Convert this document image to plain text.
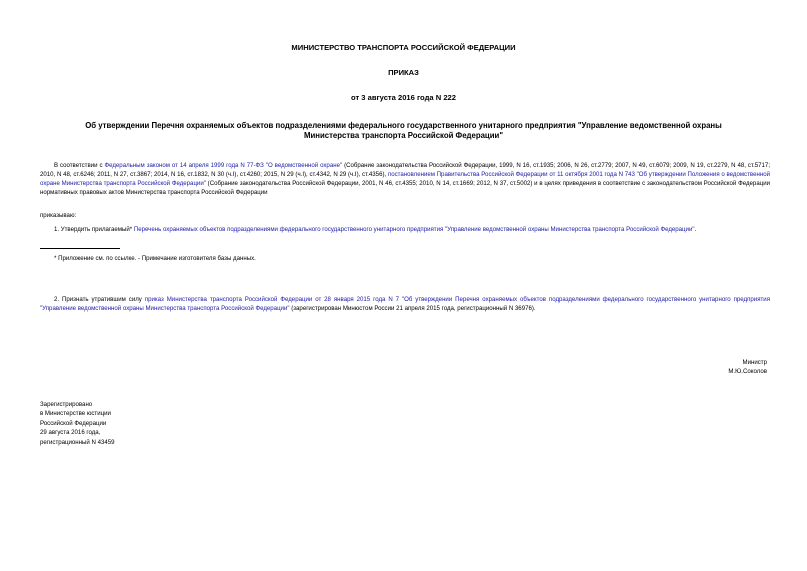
МИНИСТЕРСТВО ТРАНСПОРТА РОССИЙСКОЙ ФЕДЕРАЦИИ
ПРИКАЗ
от 3 августа 2016 года N 222
Об утверждении Перечня охраняемых объектов подразделениями федерального государственного унитарного предприятия "Управление ведомственной охраны
Министерства транспорта Российской Федерации"
В соответствии с Федеральным законом от 14 апреля 1999 года N 77-ФЗ "О ведомственной охране" (Собрание законодательства Российской Федерации, 1999, N 16, ст.1935; 2006, N 26, ст.2779; 2007, N 49, ст.6079; 2009, N 19, ст.2279, N 48, ст.5717; 2010, N 48, ст.6246; 2011, N 27, ст.3867; 2014, N 16, ст.1832, N 30 (ч.I), ст.4260; 2015, N 29 (ч.I), ст.4342, N 29 (ч.I), ст.4356), постановлением Правительства Российской Федерации от 11 октября 2001 года N 743 "Об утверждении Положения о ведомственной охране Министерства транспорта Российской Федерации" (Собрание законодательства Российской Федерации, 2001, N 46, ст.4355; 2010, N 14, ст.1669; 2012, N 37, ст.5002) и в целях приведения в соответствие с законодательством Российской Федерации нормативных правовых актов Министерства транспорта Российской Федерации
приказываю:
1. Утвердить прилагаемый* Перечень охраняемых объектов подразделениями федерального государственного унитарного предприятия "Управление ведомственной охраны Министерства транспорта Российской Федерации".
* Приложение см. по ссылке. - Примечание изготовителя базы данных.
2. Признать утратившим силу приказ Министерства транспорта Российской Федерации от 28 января 2015 года N 7 "Об утверждении Перечня охраняемых объектов подразделениями федерального государственного унитарного предприятия "Управление ведомственной охраны Министерства транспорта Российской Федерации" (зарегистрирован Минюстом России 21 апреля 2015 года, регистрационный N 36976).
Министр
М.Ю.Соколов
Зарегистрировано
в Министерстве юстиции
Российской Федерации
29 августа 2016 года,
регистрационный N 43459
